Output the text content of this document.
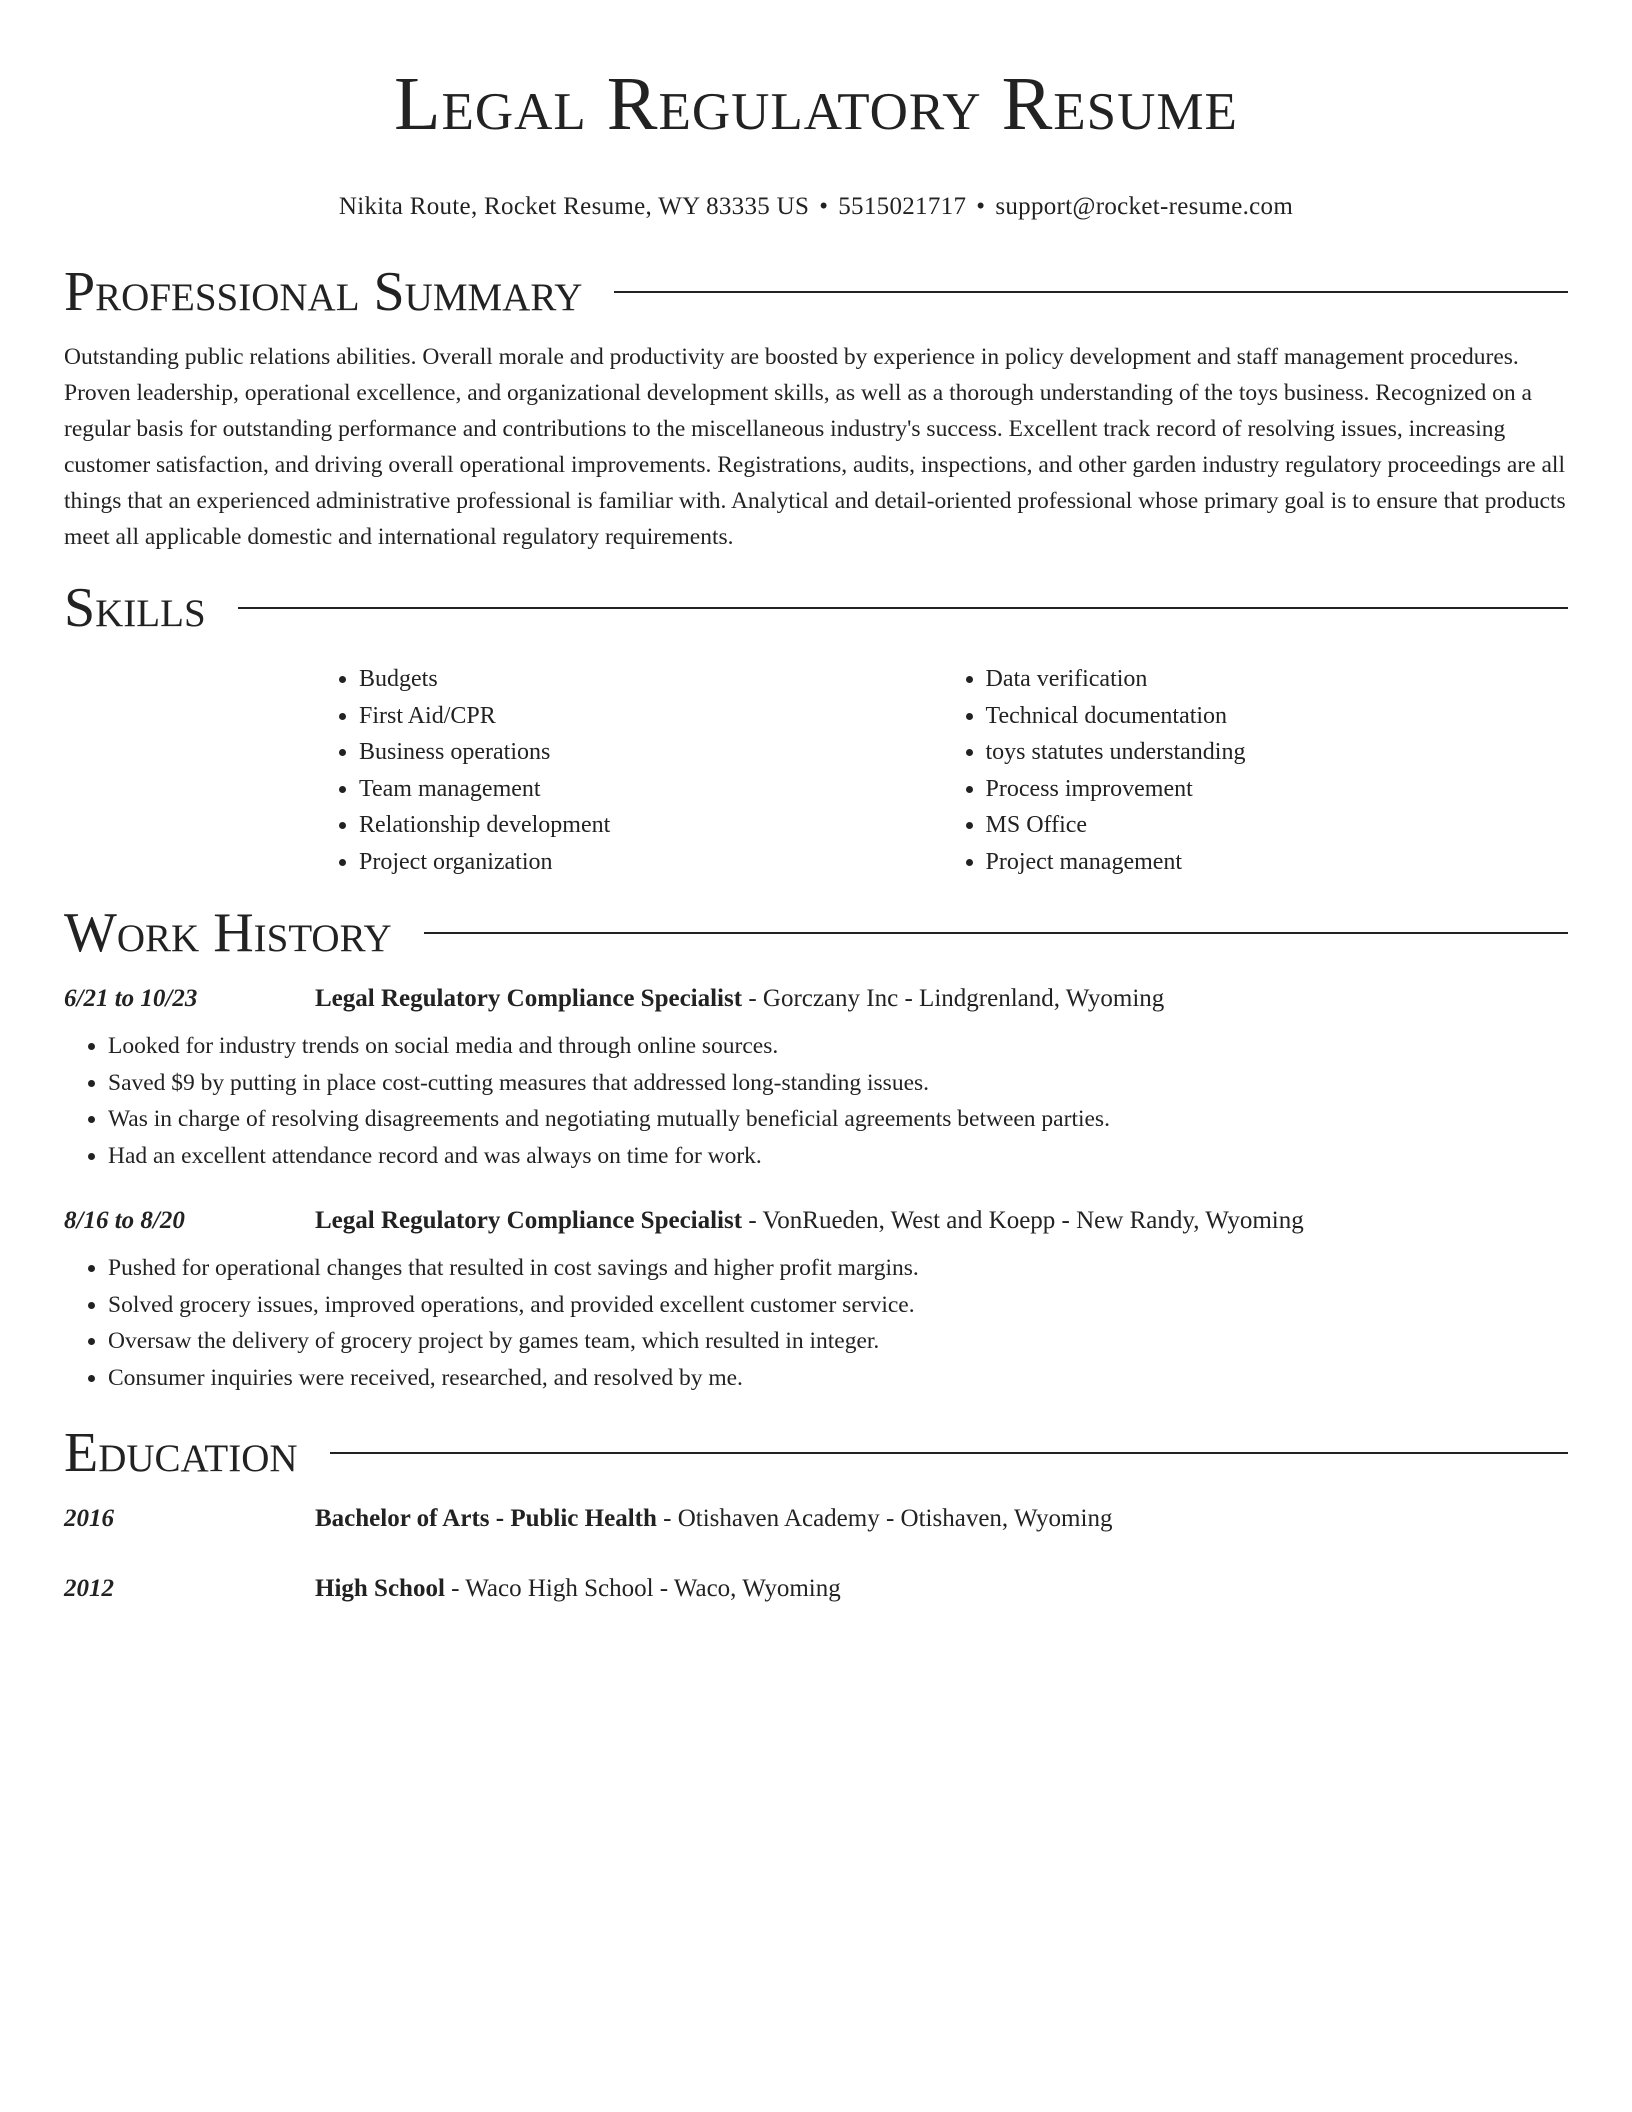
Legal Regulatory Resume
Nikita Route, Rocket Resume, WY 83335 US • 5515021717 • support@rocket-resume.com
Professional Summary

Outstanding public relations abilities. Overall morale and productivity are boosted by experience in policy development and staff management procedures. Proven leadership, operational excellence, and organizational development skills, as well as a thorough understanding of the toys business. Recognized on a regular basis for outstanding performance and contributions to the miscellaneous industry's success. Excellent track record of resolving issues, increasing customer satisfaction, and driving overall operational improvements. Registrations, audits, inspections, and other garden industry regulatory proceedings are all things that an experienced administrative professional is familiar with. Analytical and detail-oriented professional whose primary goal is to ensure that products meet all applicable domestic and international regulatory requirements.

Skills
• Budgets
• First Aid/CPR
• Business operations
• Team management
• Relationship development
• Project organization
• Data verification
• Technical documentation
• toys statutes understanding
• Process improvement
• MS Office
• Project management
Work History
6/21 to 10/23	Legal Regulatory Compliance Specialist - Gorczany Inc - Lindgrenland, Wyoming
• Looked for industry trends on social media and through online sources.
• Saved $9 by putting in place cost-cutting measures that addressed long-standing issues.
• Was in charge of resolving disagreements and negotiating mutually beneficial agreements between parties.
• Had an excellent attendance record and was always on time for work.
8/16 to 8/20	Legal Regulatory Compliance Specialist - VonRueden, West and Koepp - New Randy, Wyoming
• Pushed for operational changes that resulted in cost savings and higher profit margins.
• Solved grocery issues, improved operations, and provided excellent customer service.
• Oversaw the delivery of grocery project by games team, which resulted in integer.
• Consumer inquiries were received, researched, and resolved by me.
Education
2016	Bachelor of Arts - Public Health - Otishaven Academy - Otishaven, Wyoming
2012	High School - Waco High School - Waco, Wyoming
